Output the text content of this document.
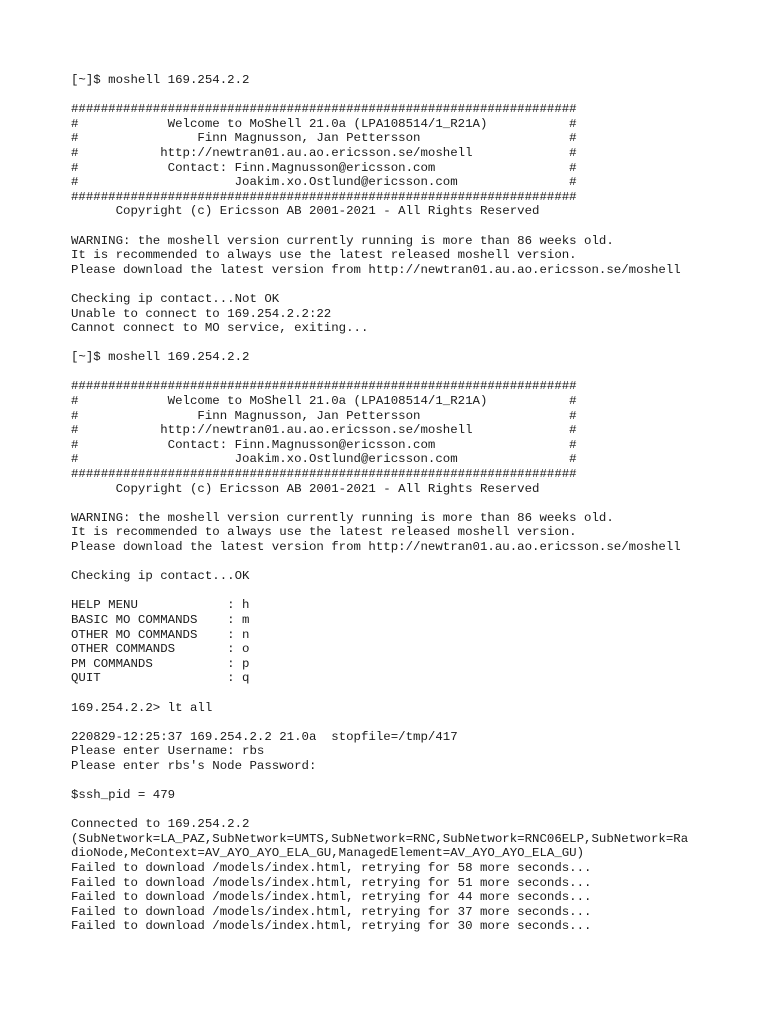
[~]$ moshell 169.254.2.2
####################################################################
#            Welcome to MoShell 21.0a (LPA108514/1_R21A)           #
#                Finn Magnusson, Jan Pettersson                    #
#           http://newtran01.au.ao.ericsson.se/moshell             #
#            Contact: Finn.Magnusson@ericsson.com                  #
#                     Joakim.xo.Ostlund@ericsson.com               #
####################################################################
Copyright (c) Ericsson AB 2001-2021 - All Rights Reserved
WARNING: the moshell version currently running is more than 86 weeks old.
It is recommended to always use the latest released moshell version.
Please download the latest version from http://newtran01.au.ao.ericsson.se/moshell
Checking ip contact...Not OK
Unable to connect to 169.254.2.2:22
Cannot connect to MO service, exiting...
[~]$ moshell 169.254.2.2
####################################################################
#            Welcome to MoShell 21.0a (LPA108514/1_R21A)           #
#                Finn Magnusson, Jan Pettersson                    #
#           http://newtran01.au.ao.ericsson.se/moshell             #
#            Contact: Finn.Magnusson@ericsson.com                  #
#                     Joakim.xo.Ostlund@ericsson.com               #
####################################################################
Copyright (c) Ericsson AB 2001-2021 - All Rights Reserved
WARNING: the moshell version currently running is more than 86 weeks old.
It is recommended to always use the latest released moshell version.
Please download the latest version from http://newtran01.au.ao.ericsson.se/moshell
Checking ip contact...OK
HELP MENU            : h
BASIC MO COMMANDS    : m
OTHER MO COMMANDS    : n
OTHER COMMANDS       : o
PM COMMANDS          : p
QUIT                 : q
169.254.2.2> lt all
220829-12:25:37 169.254.2.2 21.0a  stopfile=/tmp/417
Please enter Username: rbs
Please enter rbs's Node Password:
$ssh_pid = 479
Connected to 169.254.2.2
(SubNetwork=LA_PAZ,SubNetwork=UMTS,SubNetwork=RNC,SubNetwork=RNC06ELP,SubNetwork=Ra
dioNode,MeContext=AV_AYO_AYO_ELA_GU,ManagedElement=AV_AYO_AYO_ELA_GU)
Failed to download /models/index.html, retrying for 58 more seconds...
Failed to download /models/index.html, retrying for 51 more seconds...
Failed to download /models/index.html, retrying for 44 more seconds...
Failed to download /models/index.html, retrying for 37 more seconds...
Failed to download /models/index.html, retrying for 30 more seconds...
